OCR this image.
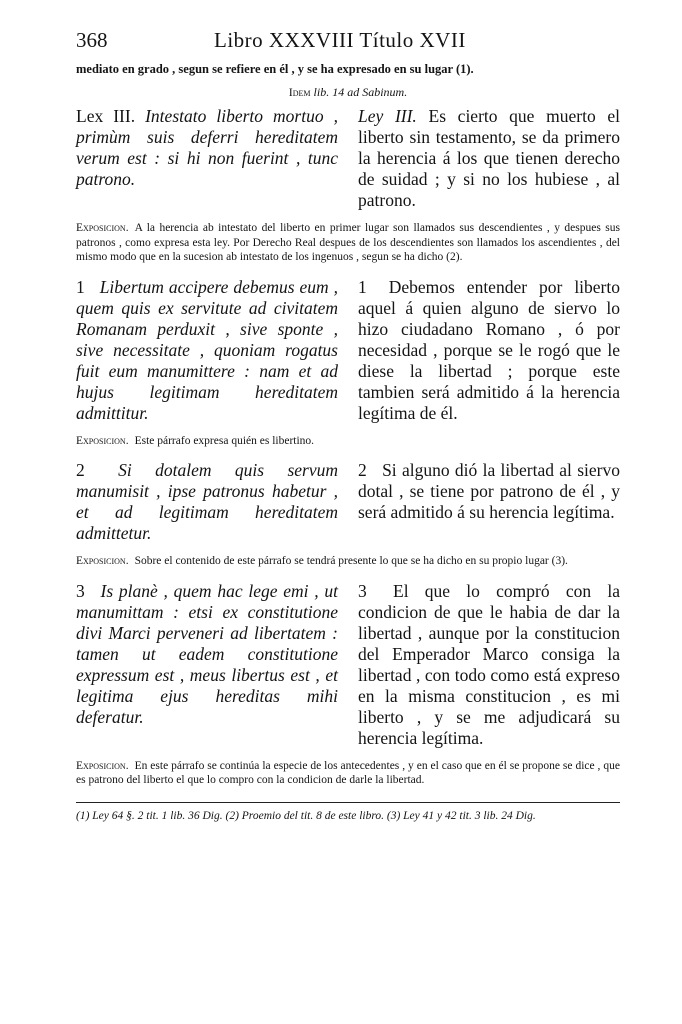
368	Libro XXXVIII Título XVII
mediato en grado , segun se refiere en él , y se ha expresado en su lugar (1).
Idem lib. 14 ad Sabinum.
Lex III. Intestato liberto mortuo , primùm suis deferri hereditatem verum est : si hi non fuerint , tunc patrono.
Ley III. Es cierto que muerto el liberto sin testamento, se da primero la herencia á los que tienen derecho de suidad ; y si no los hubiese , al patrono.
Exposicion. A la herencia ab intestato del liberto en primer lugar son llamados sus descendientes , y despues sus patronos , como expresa esta ley. Por Derecho Real despues de los descendientes son llamados los ascendientes , del mismo modo que en la sucesion ab intestato de los ingenuos , segun se ha dicho (2).
1 Libertum accipere debemus eum , quem quis ex servitute ad civitatem Romanam perduxit , sive sponte , sive necessitate , quoniam rogatus fuit eum manumittere : nam et ad hujus legitimam hereditatem admittitur.
1 Debemos entender por liberto aquel á quien alguno de siervo lo hizo ciudadano Romano , ó por necesidad , porque se le rogó que le diese la libertad ; porque este tambien será admitido á la herencia legítima de él.
Exposicion. Este párrafo expresa quién es libertino.
2 Si dotalem quis servum manumisit , ipse patronus habetur , et ad legitimam hereditatem admittetur.
2 Si alguno dió la libertad al siervo dotal , se tiene por patrono de él , y será admitido á su herencia legítima.
Exposicion. Sobre el contenido de este párrafo se tendrá presente lo que se ha dicho en su propio lugar (3).
3 Is planè , quem hac lege emi , ut manumittam : etsi ex constitutione divi Marci perveneri ad libertatem : tamen ut eadem constitutione expressum est , meus libertus est , et legitima ejus hereditas mihi deferatur.
3 El que lo compró con la condicion de que le habia de dar la libertad , aunque por la constitucion del Emperador Marco consiga la libertad , con todo como está expreso en la misma constitucion , es mi liberto , y se me adjudicará su herencia legítima.
Exposicion. En este párrafo se continúa la especie de los antecedentes , y en el caso que en él se propone se dice , que es patrono del liberto el que lo compro con la condicion de darle la libertad.
(1) Ley 64 §. 2 tit. 1 lib. 36 Dig. (2) Proemio del tit. 8 de este libro. (3) Ley 41 y 42 tit. 3 lib. 24 Dig.
